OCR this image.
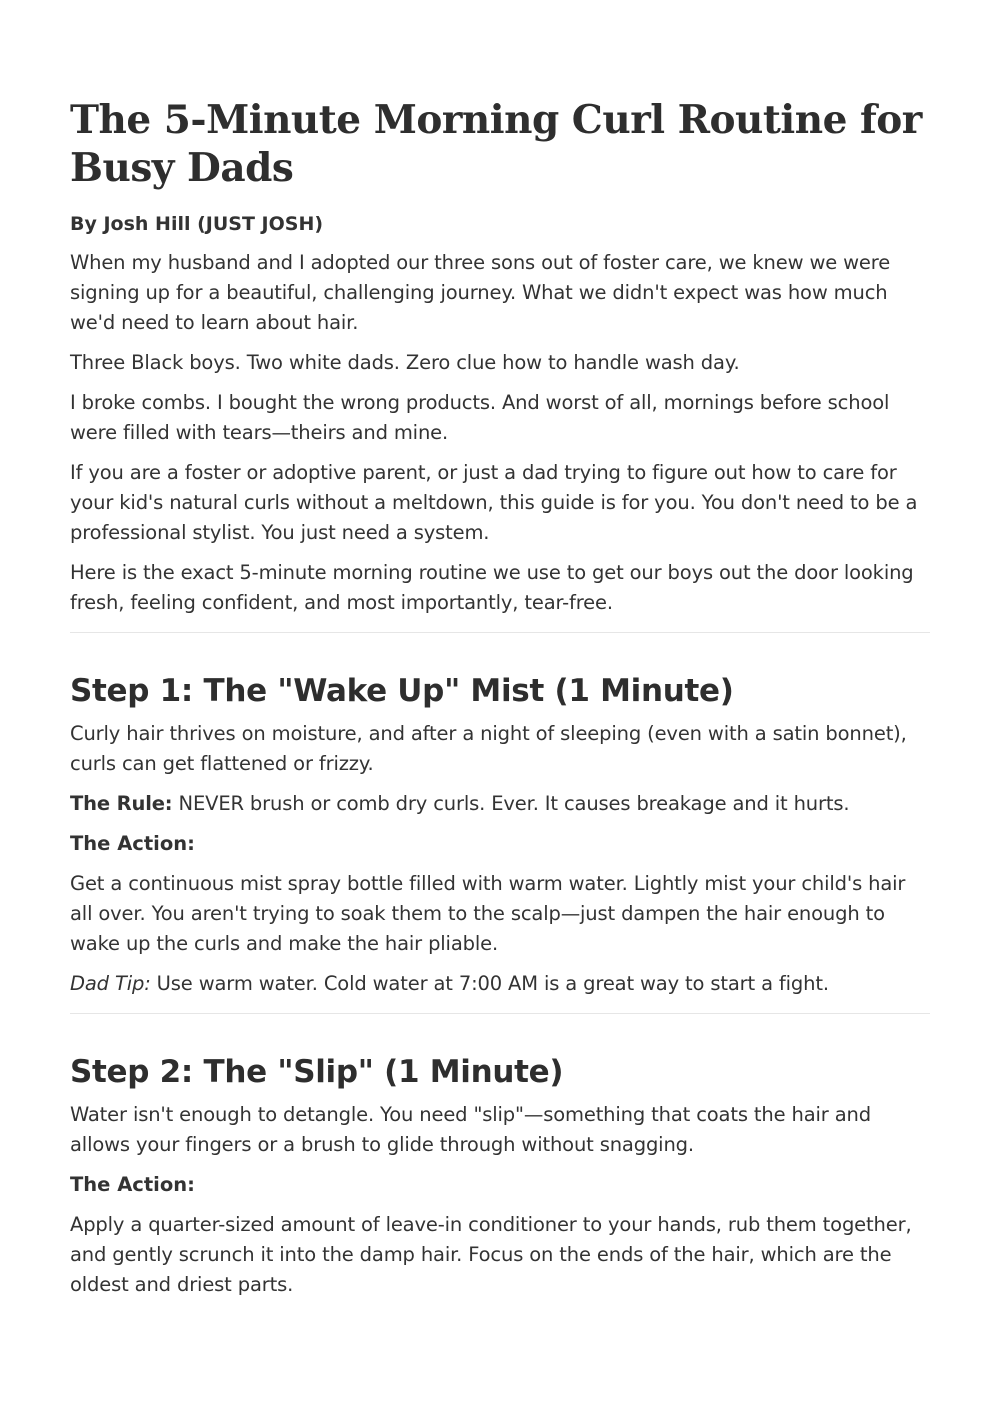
The 5-Minute Morning Curl Routine for Busy Dads
By Josh Hill (JUST JOSH)

When my husband and I adopted our three sons out of foster care, we knew we were signing up for a beautiful, challenging journey. What we didn't expect was how much we'd need to learn about hair.

Three Black boys. Two white dads. Zero clue how to handle wash day.

I broke combs. I bought the wrong products. And worst of all, mornings before school were filled with tears—theirs and mine.

If you are a foster or adoptive parent, or just a dad trying to figure out how to care for your kid's natural curls without a meltdown, this guide is for you. You don't need to be a professional stylist. You just need a system.

Here is the exact 5-minute morning routine we use to get our boys out the door looking fresh, feeling confident, and most importantly, tear-free.

Step 1: The "Wake Up" Mist (1 Minute)

Curly hair thrives on moisture, and after a night of sleeping (even with a satin bonnet), curls can get flattened or frizzy.

The Rule: NEVER brush or comb dry curls. Ever. It causes breakage and it hurts.

The Action:

Get a continuous mist spray bottle filled with warm water. Lightly mist your child's hair all over. You aren't trying to soak them to the scalp—just dampen the hair enough to wake up the curls and make the hair pliable.

Dad Tip: Use warm water. Cold water at 7:00 AM is a great way to start a fight.

Step 2: The "Slip" (1 Minute)

Water isn't enough to detangle. You need "slip"—something that coats the hair and allows your fingers or a brush to glide through without snagging.

The Action:

Apply a quarter-sized amount of leave-in conditioner to your hands, rub them together, and gently scrunch it into the damp hair. Focus on the ends of the hair, which are the oldest and driest parts.
